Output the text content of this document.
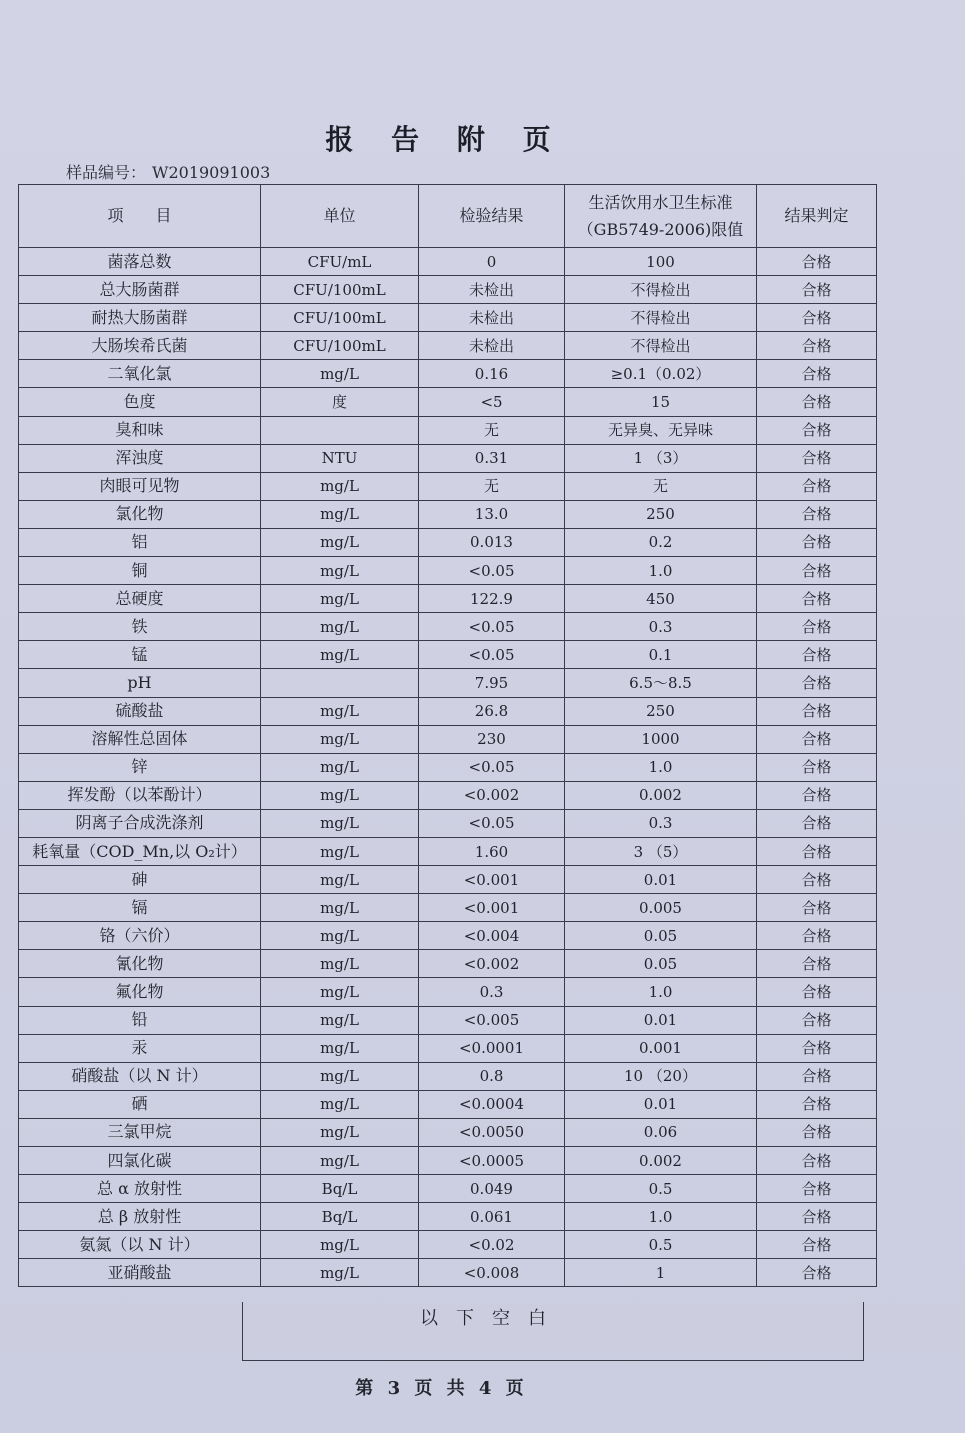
报 告 附 页
样品编号： W2019091003
项　　目	单位	检验结果	生活饮用水卫生标准（GB5749-2006)限值	结果判定
菌落总数	CFU/mL	0	100	合格
总大肠菌群	CFU/100mL	未检出	不得检出	合格
耐热大肠菌群	CFU/100mL	未检出	不得检出	合格
大肠埃希氏菌	CFU/100mL	未检出	不得检出	合格
二氧化氯	mg/L	0.16	≥0.1（0.02）	合格
色度	度	<5	15	合格
臭和味		无	无异臭、无异味	合格
浑浊度	NTU	0.31	1 （3）	合格
肉眼可见物	mg/L	无	无	合格
氯化物	mg/L	13.0	250	合格
铝	mg/L	0.013	0.2	合格
铜	mg/L	<0.05	1.0	合格
总硬度	mg/L	122.9	450	合格
铁	mg/L	<0.05	0.3	合格
锰	mg/L	<0.05	0.1	合格
pH		7.95	6.5～8.5	合格
硫酸盐	mg/L	26.8	250	合格
溶解性总固体	mg/L	230	1000	合格
锌	mg/L	<0.05	1.0	合格
挥发酚（以苯酚计）	mg/L	<0.002	0.002	合格
阴离子合成洗涤剂	mg/L	<0.05	0.3	合格
耗氧量（COD_Mn,以 O₂计）	mg/L	1.60	3 （5）	合格
砷	mg/L	<0.001	0.01	合格
镉	mg/L	<0.001	0.005	合格
铬（六价）	mg/L	<0.004	0.05	合格
氰化物	mg/L	<0.002	0.05	合格
氟化物	mg/L	0.3	1.0	合格
铅	mg/L	<0.005	0.01	合格
汞	mg/L	<0.0001	0.001	合格
硝酸盐（以 N 计）	mg/L	0.8	10 （20）	合格
硒	mg/L	<0.0004	0.01	合格
三氯甲烷	mg/L	<0.0050	0.06	合格
四氯化碳	mg/L	<0.0005	0.002	合格
总 α 放射性	Bq/L	0.049	0.5	合格
总 β 放射性	Bq/L	0.061	1.0	合格
氨氮（以 N 计）	mg/L	<0.02	0.5	合格
亚硝酸盐	mg/L	<0.008	1	合格
以下空白
第 3 页 共 4 页
